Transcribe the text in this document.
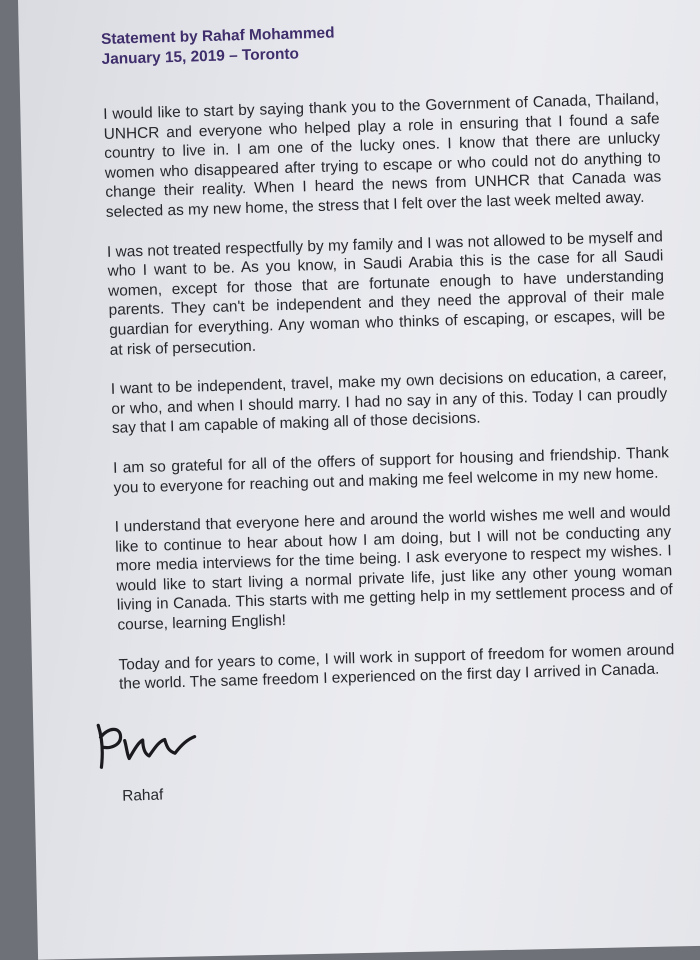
Statement by Rahaf Mohammed
January 15, 2019 – Toronto

I would like to start by saying thank you to the Government of Canada, Thailand, UNHCR and everyone who helped play a role in ensuring that I found a safe country to live in. I am one of the lucky ones. I know that there are unlucky women who disappeared after trying to escape or who could not do anything to change their reality. When I heard the news from UNHCR that Canada was selected as my new home, the stress that I felt over the last week melted away.

I was not treated respectfully by my family and I was not allowed to be myself and who I want to be. As you know, in Saudi Arabia this is the case for all Saudi women, except for those that are fortunate enough to have understanding parents. They can't be independent and they need the approval of their male guardian for everything. Any woman who thinks of escaping, or escapes, will be at risk of persecution.

I want to be independent, travel, make my own decisions on education, a career, or who, and when I should marry. I had no say in any of this. Today I can proudly say that I am capable of making all of those decisions.

I am so grateful for all of the offers of support for housing and friendship. Thank you to everyone for reaching out and making me feel welcome in my new home.

I understand that everyone here and around the world wishes me well and would like to continue to hear about how I am doing, but I will not be conducting any more media interviews for the time being. I ask everyone to respect my wishes. I would like to start living a normal private life, just like any other young woman living in Canada. This starts with me getting help in my settlement process and of course, learning English!

Today and for years to come, I will work in support of freedom for women around the world. The same freedom I experienced on the first day I arrived in Canada.

Rahaf
